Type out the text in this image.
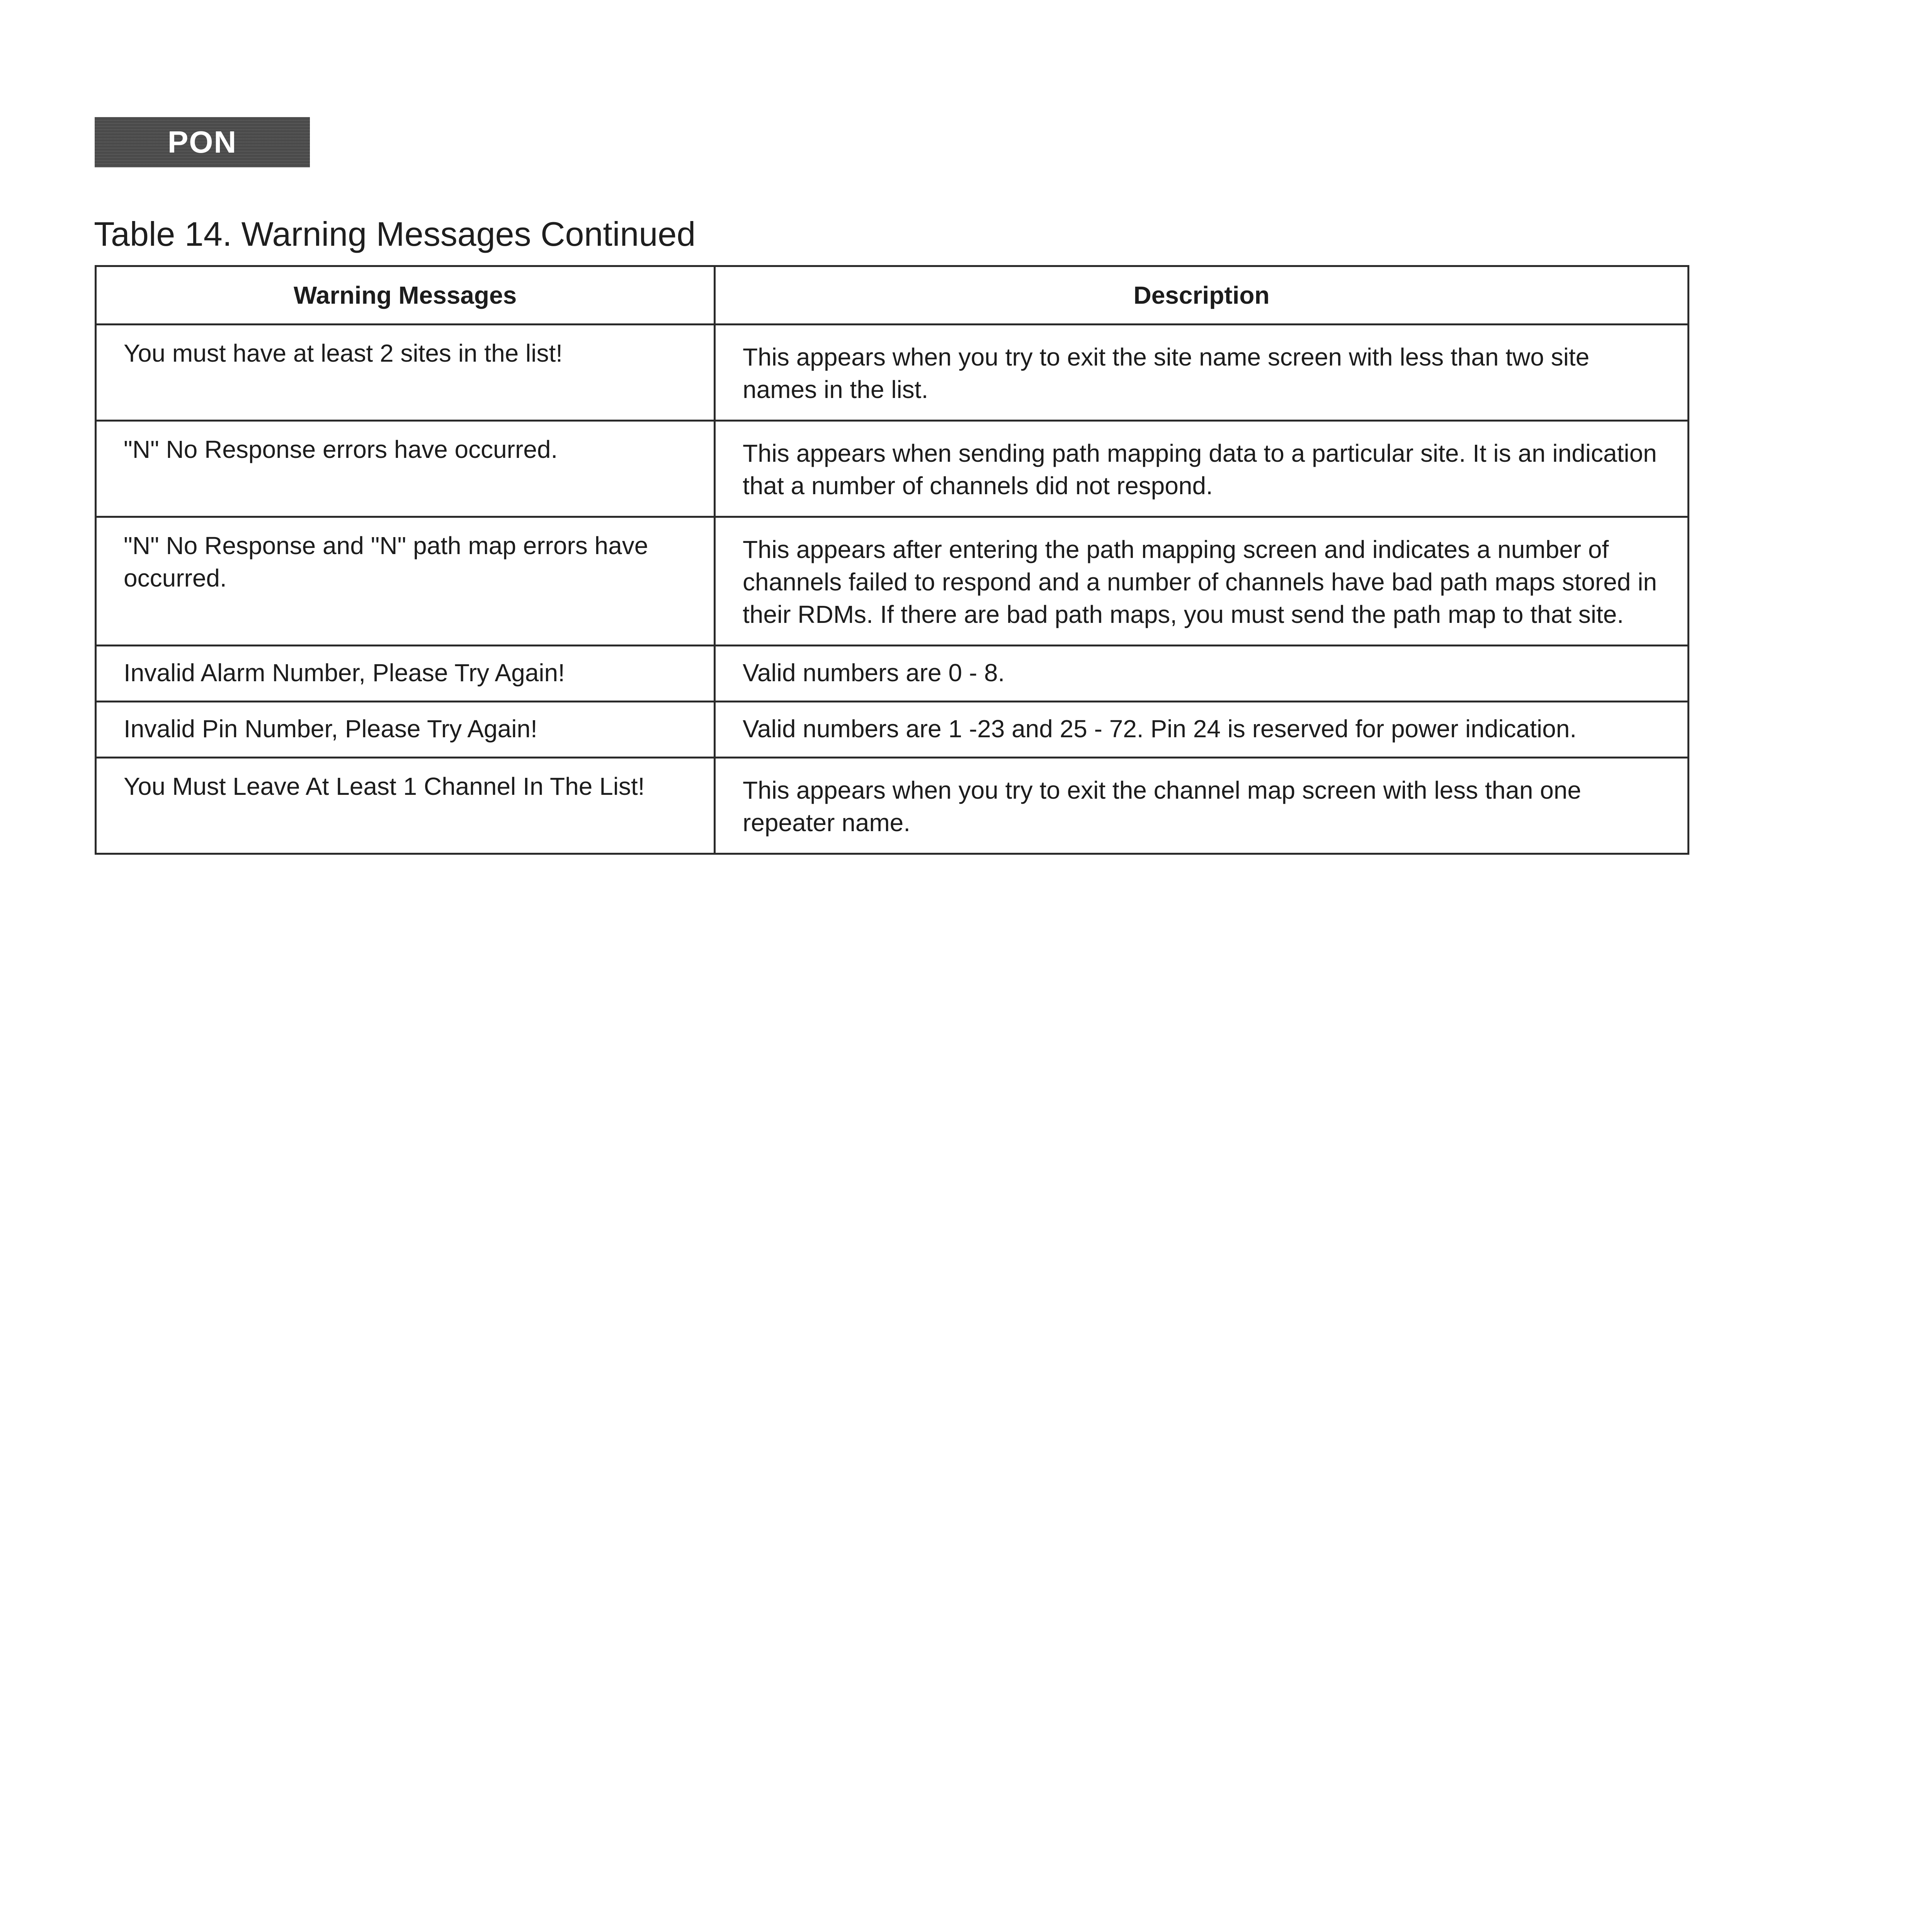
PON
Table 14. Warning Messages Continued
Warning Messages	Description
You must have at least 2 sites in the list!	This appears when you try to exit the site name screen with less than two site names in the list.
"N" No Response errors have occurred.	This appears when sending path mapping data to a particular site. It is an indication that a number of channels did not respond.
"N" No Response and "N" path map errors have occurred.	This appears after entering the path mapping screen and indicates a number of channels failed to respond and a number of channels have bad path maps stored in their RDMs. If there are bad path maps, you must send the path map to that site.
Invalid Alarm Number, Please Try Again!	Valid numbers are 0 - 8.
Invalid Pin Number, Please Try Again!	Valid numbers are 1 -23 and 25 - 72. Pin 24 is reserved for power indication.
You Must Leave At Least 1 Channel In The List!	This appears when you try to exit the channel map screen with less than one repeater name.
